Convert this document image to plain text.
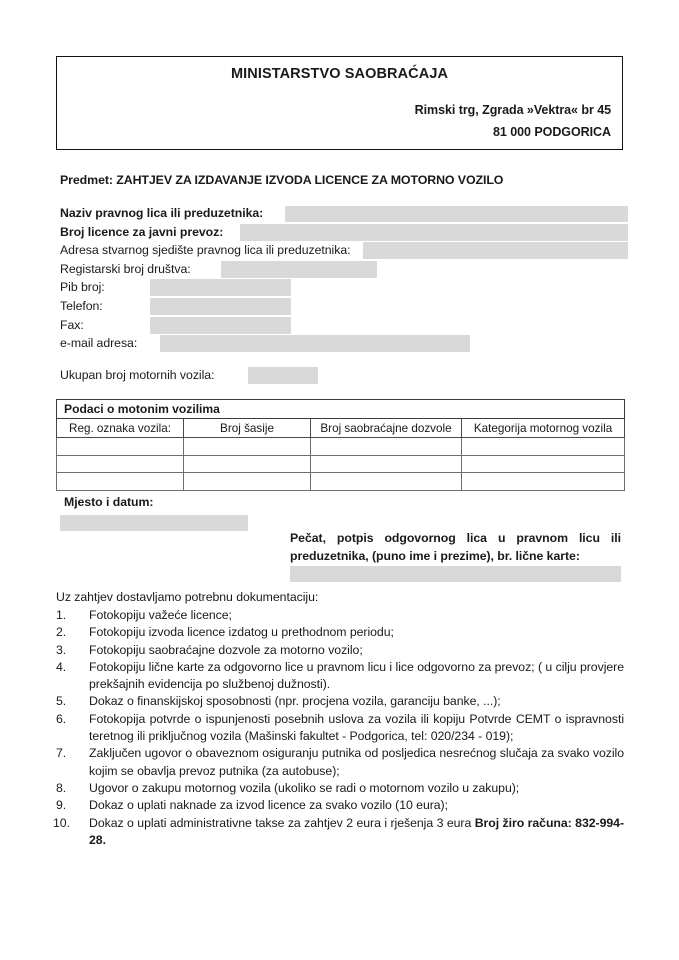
MINISTARSTVO SAOBRAĆAJA
Rimski trg, Zgrada »Vektra« br 45
81 000 PODGORICA
Predmet: ZAHTJEV ZA IZDAVANJE IZVODA LICENCE ZA MOTORNO VOZILO
Naziv pravnog lica ili preduzetnika:
Broj licence za javni prevoz:
Adresa stvarnog sjedište pravnog lica ili preduzetnika:
Registarski broj društva:
Pib broj:
Telefon:
Fax:
e-mail adresa:
Ukupan broj motornih vozila:
Podaci o motonim vozilima			
Reg. oznaka vozila:	Broj šasije	Broj saobraćajne dozvole	Kategorija motornog vozila

Mjesto i datum:
Pečat, potpis odgovornog lica u pravnom licu ili preduzetnika, (puno ime i prezime), br. lične karte:
Uz zahtjev dostavljamo potrebnu dokumentaciju:
1.	Fotokopiju važeće licence;
2.	Fotokopiju izvoda licence izdatog u prethodnom periodu;
3.	Fotokopiju saobraćajne dozvole za motorno vozilo;
4.	Fotokopiju lične karte za odgovorno lice u pravnom licu i lice odgovorno za prevoz; ( u cilju provjere prekšajnih evidencija po službenoj dužnosti).
5.	Dokaz o finanskijskoj sposobnosti (npr. procjena vozila, garanciju banke, ...);
6.	Fotokopija potvrde o ispunjenosti posebnih uslova za vozila ili kopiju Potvrde CEMT o ispravnosti teretnog ili priključnog vozila (Mašinski fakultet - Podgorica, tel: 020/234 - 019);
7.	Zaključen ugovor o obaveznom osiguranju putnika od posljedica nesrećnog slučaja za svako vozilo kojim se obavlja prevoz putnika (za autobuse);
8.	Ugovor o zakupu motornog vozila (ukoliko se radi o motornom vozilo u zakupu);
9.	Dokaz o uplati naknade za izvod licence za svako vozilo (10 eura);
10.	Dokaz o uplati administrativne takse za zahtjev 2 eura i rješenja 3 eura Broj žiro računa: 832-994- 28.
